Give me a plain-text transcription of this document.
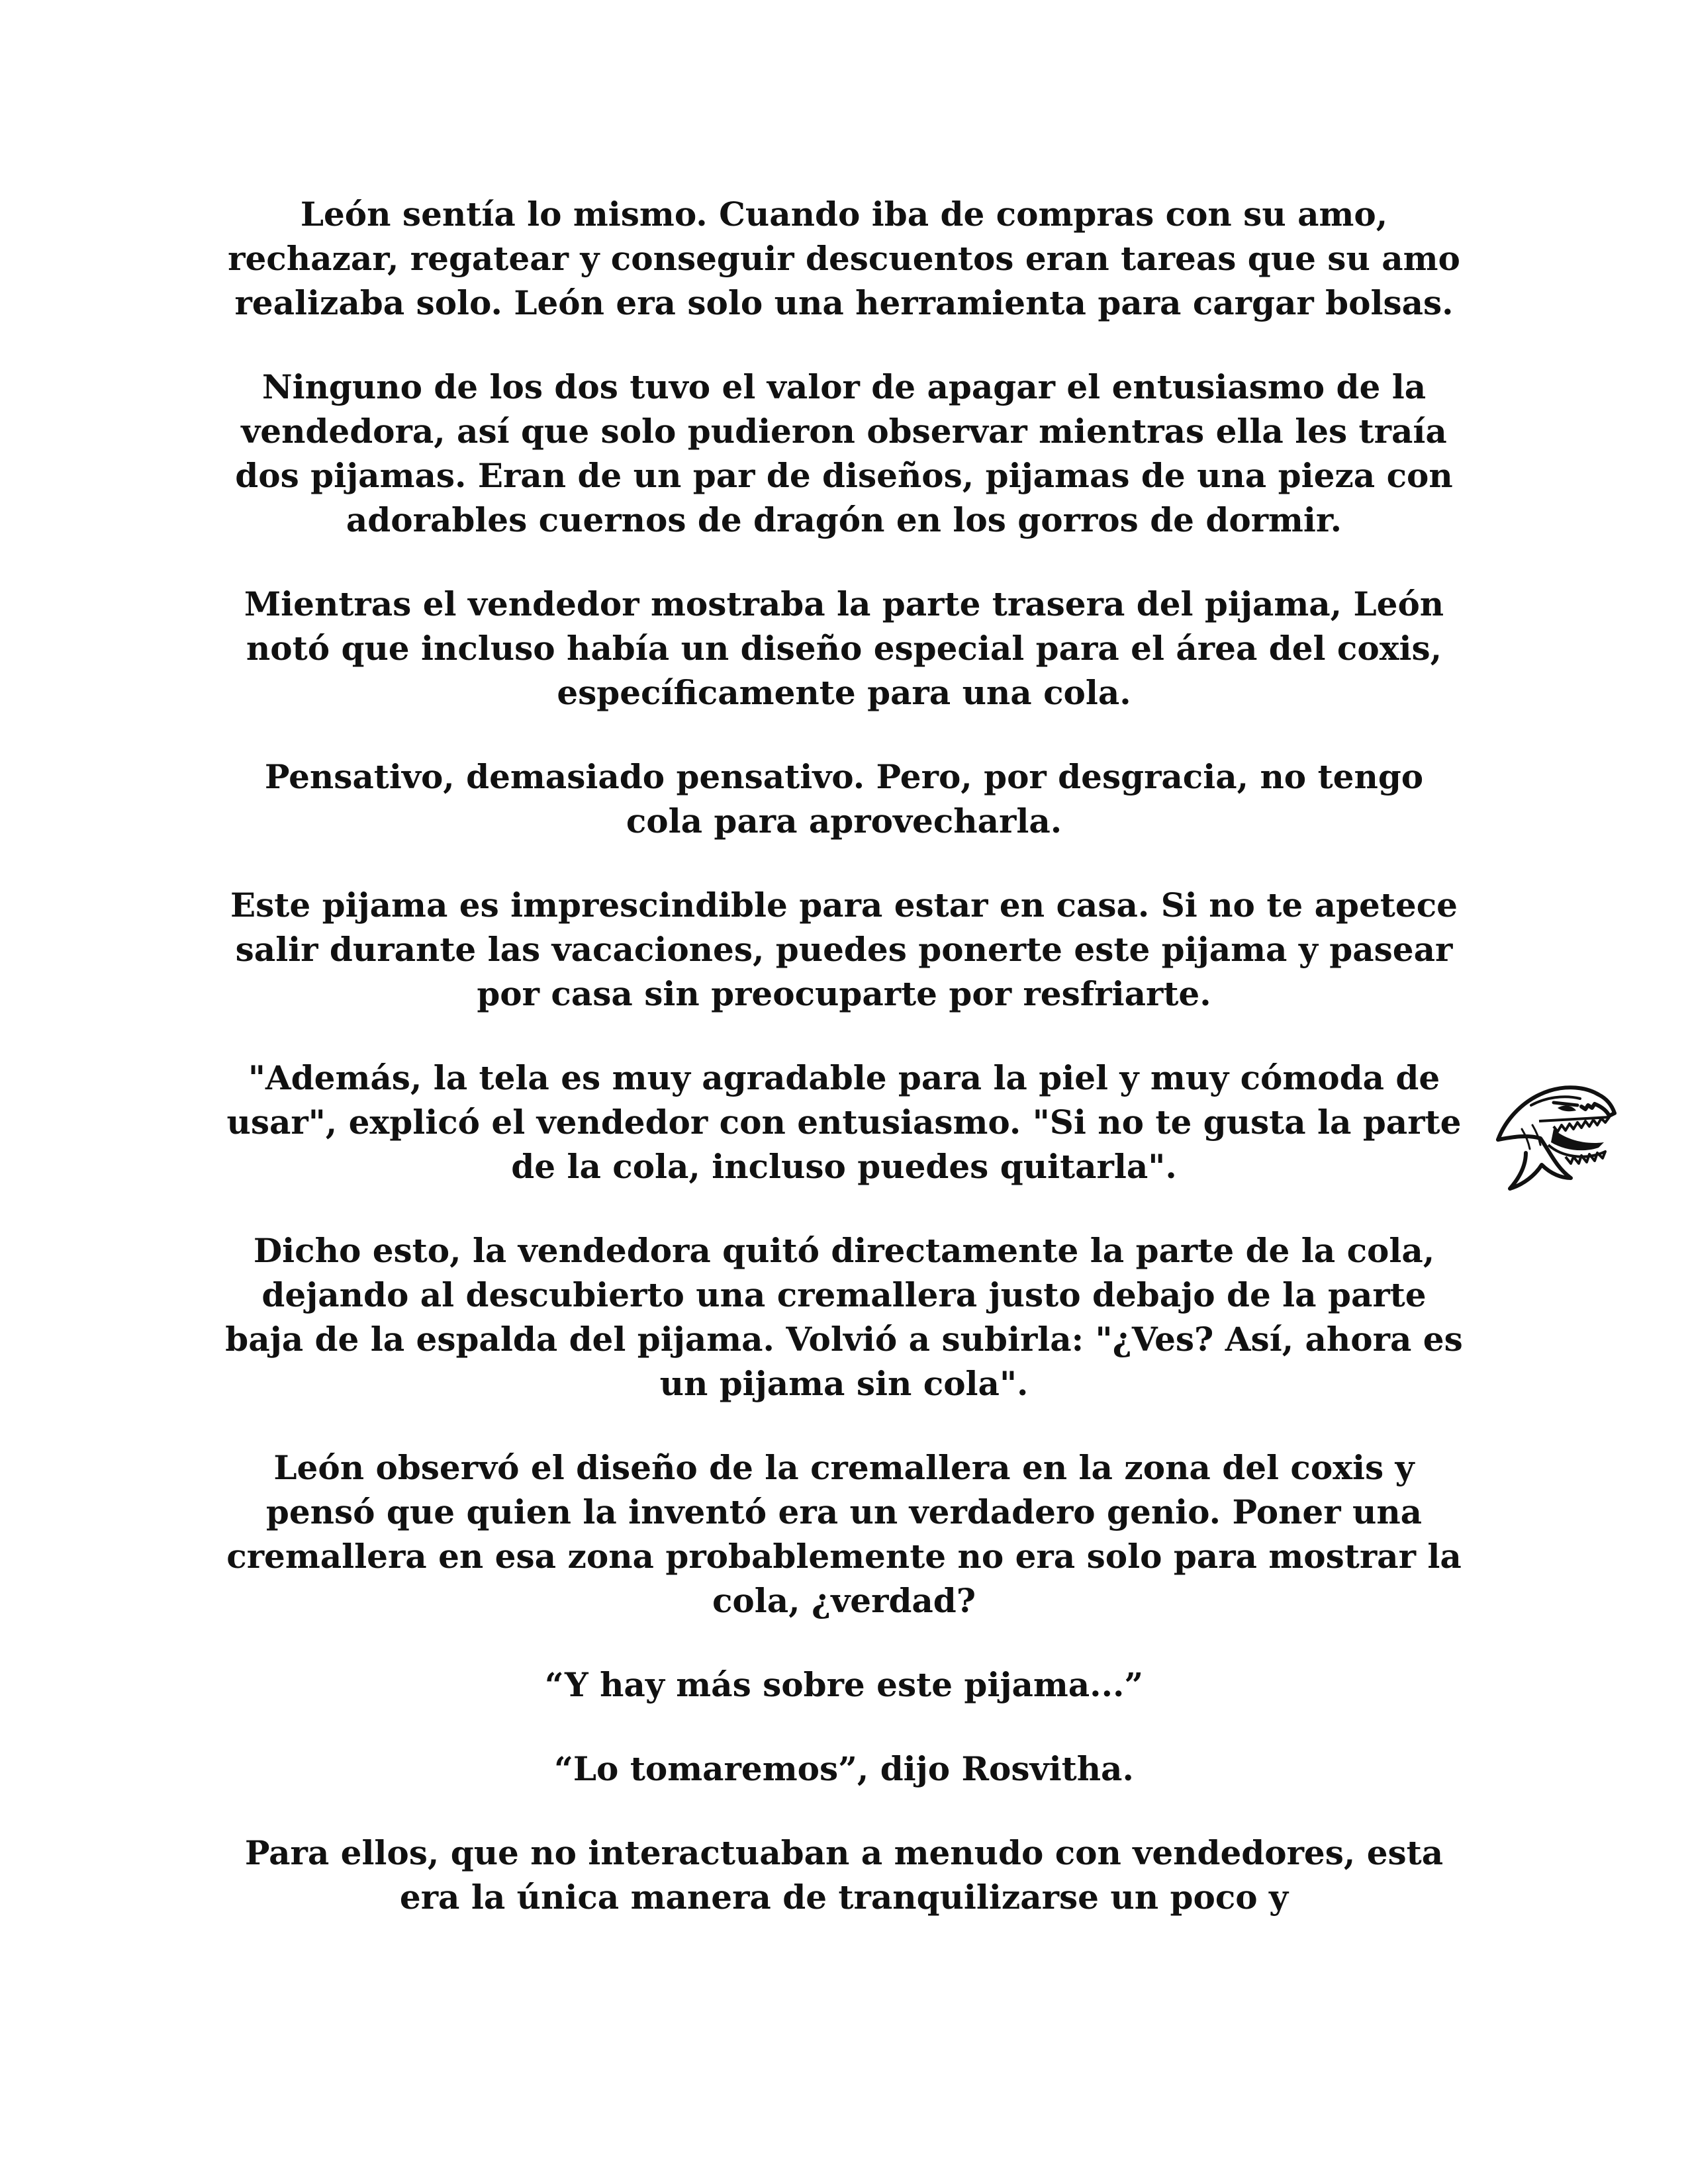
León sentía lo mismo. Cuando iba de compras con su amo, rechazar, regatear y conseguir descuentos eran tareas que su amo realizaba solo. León era solo una herramienta para cargar bolsas.

Ninguno de los dos tuvo el valor de apagar el entusiasmo de la vendedora, así que solo pudieron observar mientras ella les traía dos pijamas. Eran de un par de diseños, pijamas de una pieza con adorables cuernos de dragón en los gorros de dormir.

Mientras el vendedor mostraba la parte trasera del pijama, León notó que incluso había un diseño especial para el área del coxis, específicamente para una cola.

Pensativo, demasiado pensativo. Pero, por desgracia, no tengo cola para aprovecharla.

Este pijama es imprescindible para estar en casa. Si no te apetece salir durante las vacaciones, puedes ponerte este pijama y pasear por casa sin preocuparte por resfriarte.

"Además, la tela es muy agradable para la piel y muy cómoda de usar", explicó el vendedor con entusiasmo. "Si no te gusta la parte de la cola, incluso puedes quitarla".

Dicho esto, la vendedora quitó directamente la parte de la cola, dejando al descubierto una cremallera justo debajo de la parte baja de la espalda del pijama. Volvió a subirla: "¿Ves? Así, ahora es un pijama sin cola".

León observó el diseño de la cremallera en la zona del coxis y pensó que quien la inventó era un verdadero genio. Poner una cremallera en esa zona probablemente no era solo para mostrar la cola, ¿verdad?

“Y hay más sobre este pijama...”

“Lo tomaremos”, dijo Rosvitha.

Para ellos, que no interactuaban a menudo con vendedores, esta era la única manera de tranquilizarse un poco y
